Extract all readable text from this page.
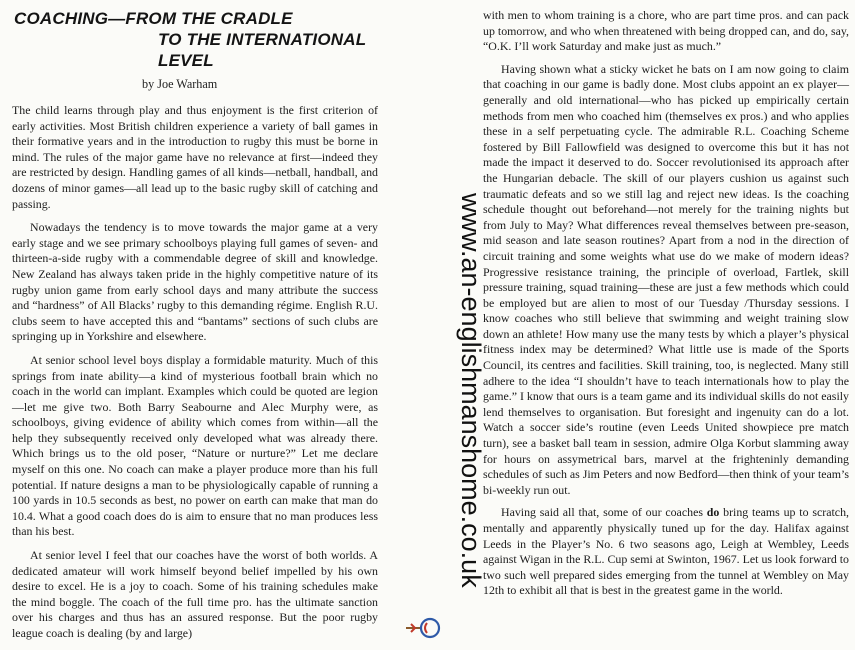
COACHING—FROM THE CRADLE
TO THE INTERNATIONAL LEVEL
by Joe Warham

The child learns through play and thus enjoyment is the first criterion of early activities. Most British children experience a variety of ball games in their formative years and in the introduction to rugby this must be borne in mind. The rules of the major game have no relevance at first—indeed they are restricted by design. Handling games of all kinds—netball, handball, and dozens of minor games—all lead up to the basic rugby skill of catching and passing.

Nowadays the tendency is to move towards the major game at a very early stage and we see primary schoolboys playing full games of seven- and thirteen-a-side rugby with a commendable degree of skill and knowledge. New Zealand has always taken pride in the highly competitive nature of its rugby union game from early school days and many attribute the success and “hardness” of All Blacks’ rugby to this demanding régime. English R.U. clubs seem to have accepted this and “bantams” sections of such clubs are springing up in Yorkshire and elsewhere.

At senior school level boys display a formidable maturity. Much of this springs from inate ability—a kind of mysterious football brain which no coach in the world can implant. Examples which could be quoted are legion—let me give two. Both Barry Seabourne and Alec Murphy were, as schoolboys, giving evidence of ability which comes from within—all the help they subsequently received only developed what was already there. Which brings us to the old poser, “Nature or nurture?” Let me declare myself on this one. No coach can make a player produce more than his full potential. If nature designs a man to be physiologically capable of running a 100 yards in 10.5 seconds as best, no power on earth can make that man do 10.4. What a good coach does do is aim to ensure that no man produces less than his best.

At senior level I feel that our coaches have the worst of both worlds. A dedicated amateur will work himself beyond belief impelled by his own desire to excel. He is a joy to coach. Some of his training schedules make the mind boggle. The coach of the full time pro. has the ultimate sanction over his charges and thus has an assured response. But the poor rugby league coach is dealing (by and large)

www.an-englishmanshome.co.uk

with men to whom training is a chore, who are part time pros. and can pack up tomorrow, and who when threatened with being dropped can, and do, say, “O.K. I’ll work Saturday and make just as much.”

Having shown what a sticky wicket he bats on I am now going to claim that coaching in our game is badly done. Most clubs appoint an ex player—generally and old international—who has picked up empirically certain methods from men who coached him (themselves ex pros.) and who applies these in a self perpetuating cycle. The admirable R.L. Coaching Scheme fostered by Bill Fallowfield was designed to overcome this but it has not made the impact it deserved to do. Soccer revolutionised its approach after the Hungarian debacle. The skill of our players cushion us against such traumatic defeats and so we still lag and reject new ideas. Is the coaching schedule thought out beforehand—not merely for the training nights but from July to May? What differences reveal themselves between pre-season, mid season and late season routines? Apart from a nod in the direction of circuit training and some weights what use do we make of modern ideas? Progressive resistance training, the principle of overload, Fartlek, skill pressure training, squad training—these are just a few methods which could be employed but are alien to most of our Tuesday /Thursday sessions. I know coaches who still believe that swimming and weight training slow down an athlete! How many use the many tests by which a player’s physical fitness index may be determined? What little use is made of the Sports Council, its centres and facilities. Skill training, too, is neglected. Many still adhere to the idea “I shouldn’t have to teach internationals how to play the game.” I know that ours is a team game and its individual skills do not easily lend themselves to organisation. But foresight and ingenuity can do a lot. Watch a soccer side’s routine (even Leeds United showpiece pre match turn), see a basket ball team in session, admire Olga Korbut slamming away for hours on assymetrical bars, marvel at the frighteninly demanding schedules of such as Jim Peters and now Bedford—then think of your team’s bi-weekly run out.

Having said all that, some of our coaches do bring teams up to scratch, mentally and apparently physically tuned up for the day. Halifax against Leeds in the Player’s No. 6 two seasons ago, Leigh at Wembley, Leeds against Wigan in the R.L. Cup semi at Swinton, 1967. Let us look forward to two such well prepared sides emerging from the tunnel at Wembley on May 12th to exhibit all that is best in the greatest game in the world.
